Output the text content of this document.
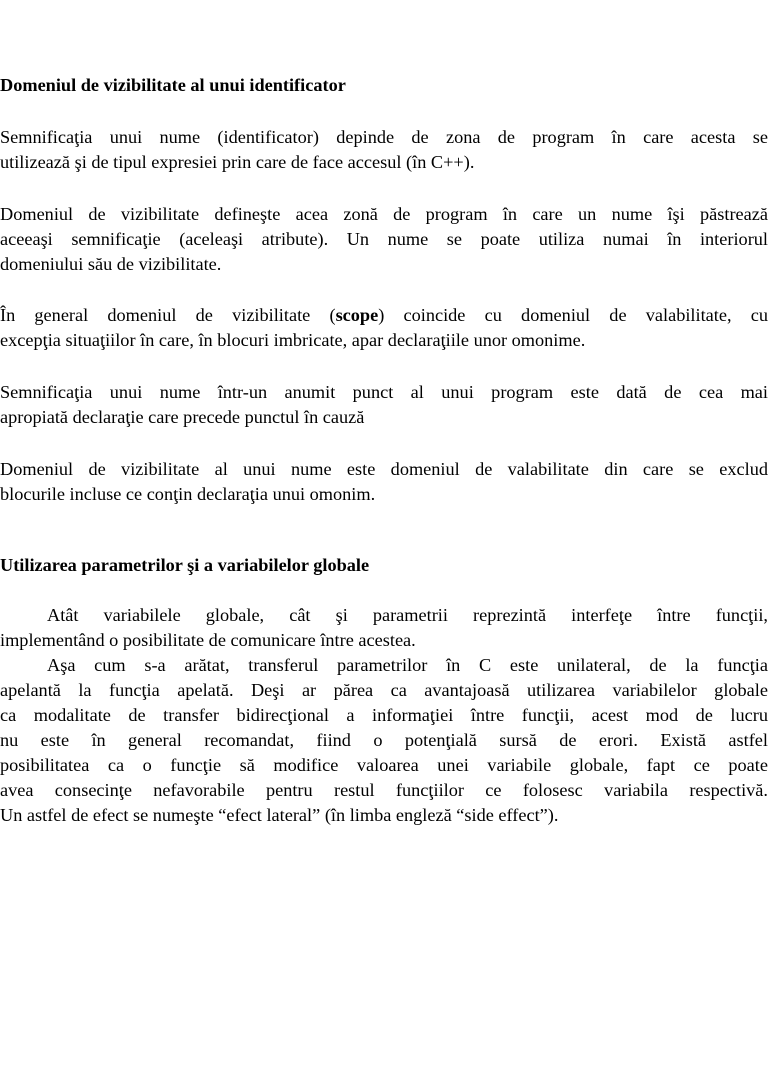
Domeniul de vizibilitate al unui identificator
Semnificaţia unui nume (identificator) depinde de zona de program în care acesta se
utilizează şi de tipul expresiei prin care de face accesul (în C++).
Domeniul de vizibilitate defineşte acea zonă de program în care un nume îşi păstrează
aceeaşi semnificaţie (aceleaşi atribute). Un nume se poate utiliza numai în interiorul
domeniului său de vizibilitate.
În general domeniul de vizibilitate (scope) coincide cu domeniul de valabilitate, cu
excepţia situaţiilor în care, în blocuri imbricate, apar declaraţiile unor omonime.
Semnificaţia unui nume într-un anumit punct al unui program este dată de cea mai
apropiată declaraţie care precede punctul în cauză
Domeniul de vizibilitate al unui nume este domeniul de valabilitate din care se exclud
blocurile incluse ce conţin declaraţia unui omonim.
Utilizarea parametrilor şi a variabilelor globale
Atât variabilele globale, cât şi parametrii reprezintă interfeţe între funcţii,
implementând o posibilitate de comunicare între acestea.
Aşa cum s-a arătat, transferul parametrilor în C este unilateral, de la funcţia
apelantă la funcţia apelată. Deşi ar părea ca avantajoasă utilizarea variabilelor globale
ca modalitate de transfer bidirecţional a informaţiei între funcţii, acest mod de lucru
nu este în general recomandat, fiind o potenţială sursă de erori. Există astfel
posibilitatea ca o funcţie să modifice valoarea unei variabile globale, fapt ce poate
avea consecinţe nefavorabile pentru restul funcţiilor ce folosesc variabila respectivă.
Un astfel de efect se numeşte “efect lateral” (în limba engleză “side effect”).
